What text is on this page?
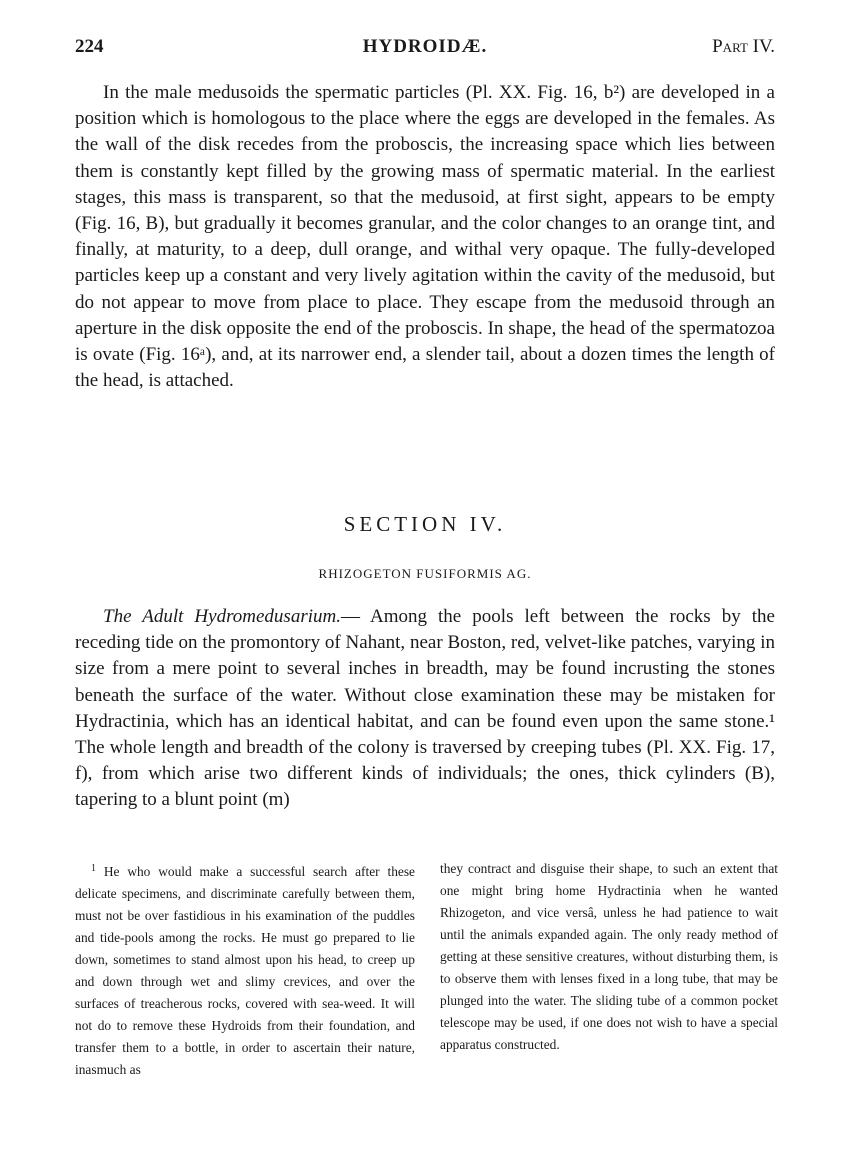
224	HYDROIDÆ.	Part IV.

In the male medusoids the spermatic particles (Pl. XX. Fig. 16, b²) are developed in a position which is homologous to the place where the eggs are developed in the females. As the wall of the disk recedes from the proboscis, the increasing space which lies between them is constantly kept filled by the growing mass of spermatic material. In the earliest stages, this mass is transparent, so that the medusoid, at first sight, appears to be empty (Fig. 16, B), but gradually it becomes granular, and the color changes to an orange tint, and finally, at maturity, to a deep, dull orange, and withal very opaque. The fully-developed particles keep up a constant and very lively agitation within the cavity of the medusoid, but do not appear to move from place to place. They escape from the medusoid through an aperture in the disk opposite the end of the proboscis. In shape, the head of the spermatozoa is ovate (Fig. 16ᵃ), and, at its narrower end, a slender tail, about a dozen times the length of the head, is attached.

SECTION IV.
RHIZOGETON FUSIFORMIS AG.

The Adult Hydromedusarium.— Among the pools left between the rocks by the receding tide on the promontory of Nahant, near Boston, red, velvet-like patches, varying in size from a mere point to several inches in breadth, may be found incrusting the stones beneath the surface of the water. Without close examination these may be mistaken for Hydractinia, which has an identical habitat, and can be found even upon the same stone.¹ The whole length and breadth of the colony is traversed by creeping tubes (Pl. XX. Fig. 17, f), from which arise two different kinds of individuals; the ones, thick cylinders (B), tapering to a blunt point (m)

$^1$ He who would make a successful search after these delicate specimens, and discriminate carefully between them, must not be over fastidious in his examination of the puddles and tide-pools among the rocks. He must go prepared to lie down, sometimes to stand almost upon his head, to creep up and down through wet and slimy crevices, and over the surfaces of treacherous rocks, covered with sea-weed. It will not do to remove these Hydroids from their foundation, and transfer them to a bottle, in order to ascertain their nature, inasmuch as

they contract and disguise their shape, to such an extent that one might bring home Hydractinia when he wanted Rhizogeton, and vice versâ, unless he had patience to wait until the animals expanded again. The only ready method of getting at these sensitive creatures, without disturbing them, is to observe them with lenses fixed in a long tube, that may be plunged into the water. The sliding tube of a common pocket telescope may be used, if one does not wish to have a special apparatus constructed.
